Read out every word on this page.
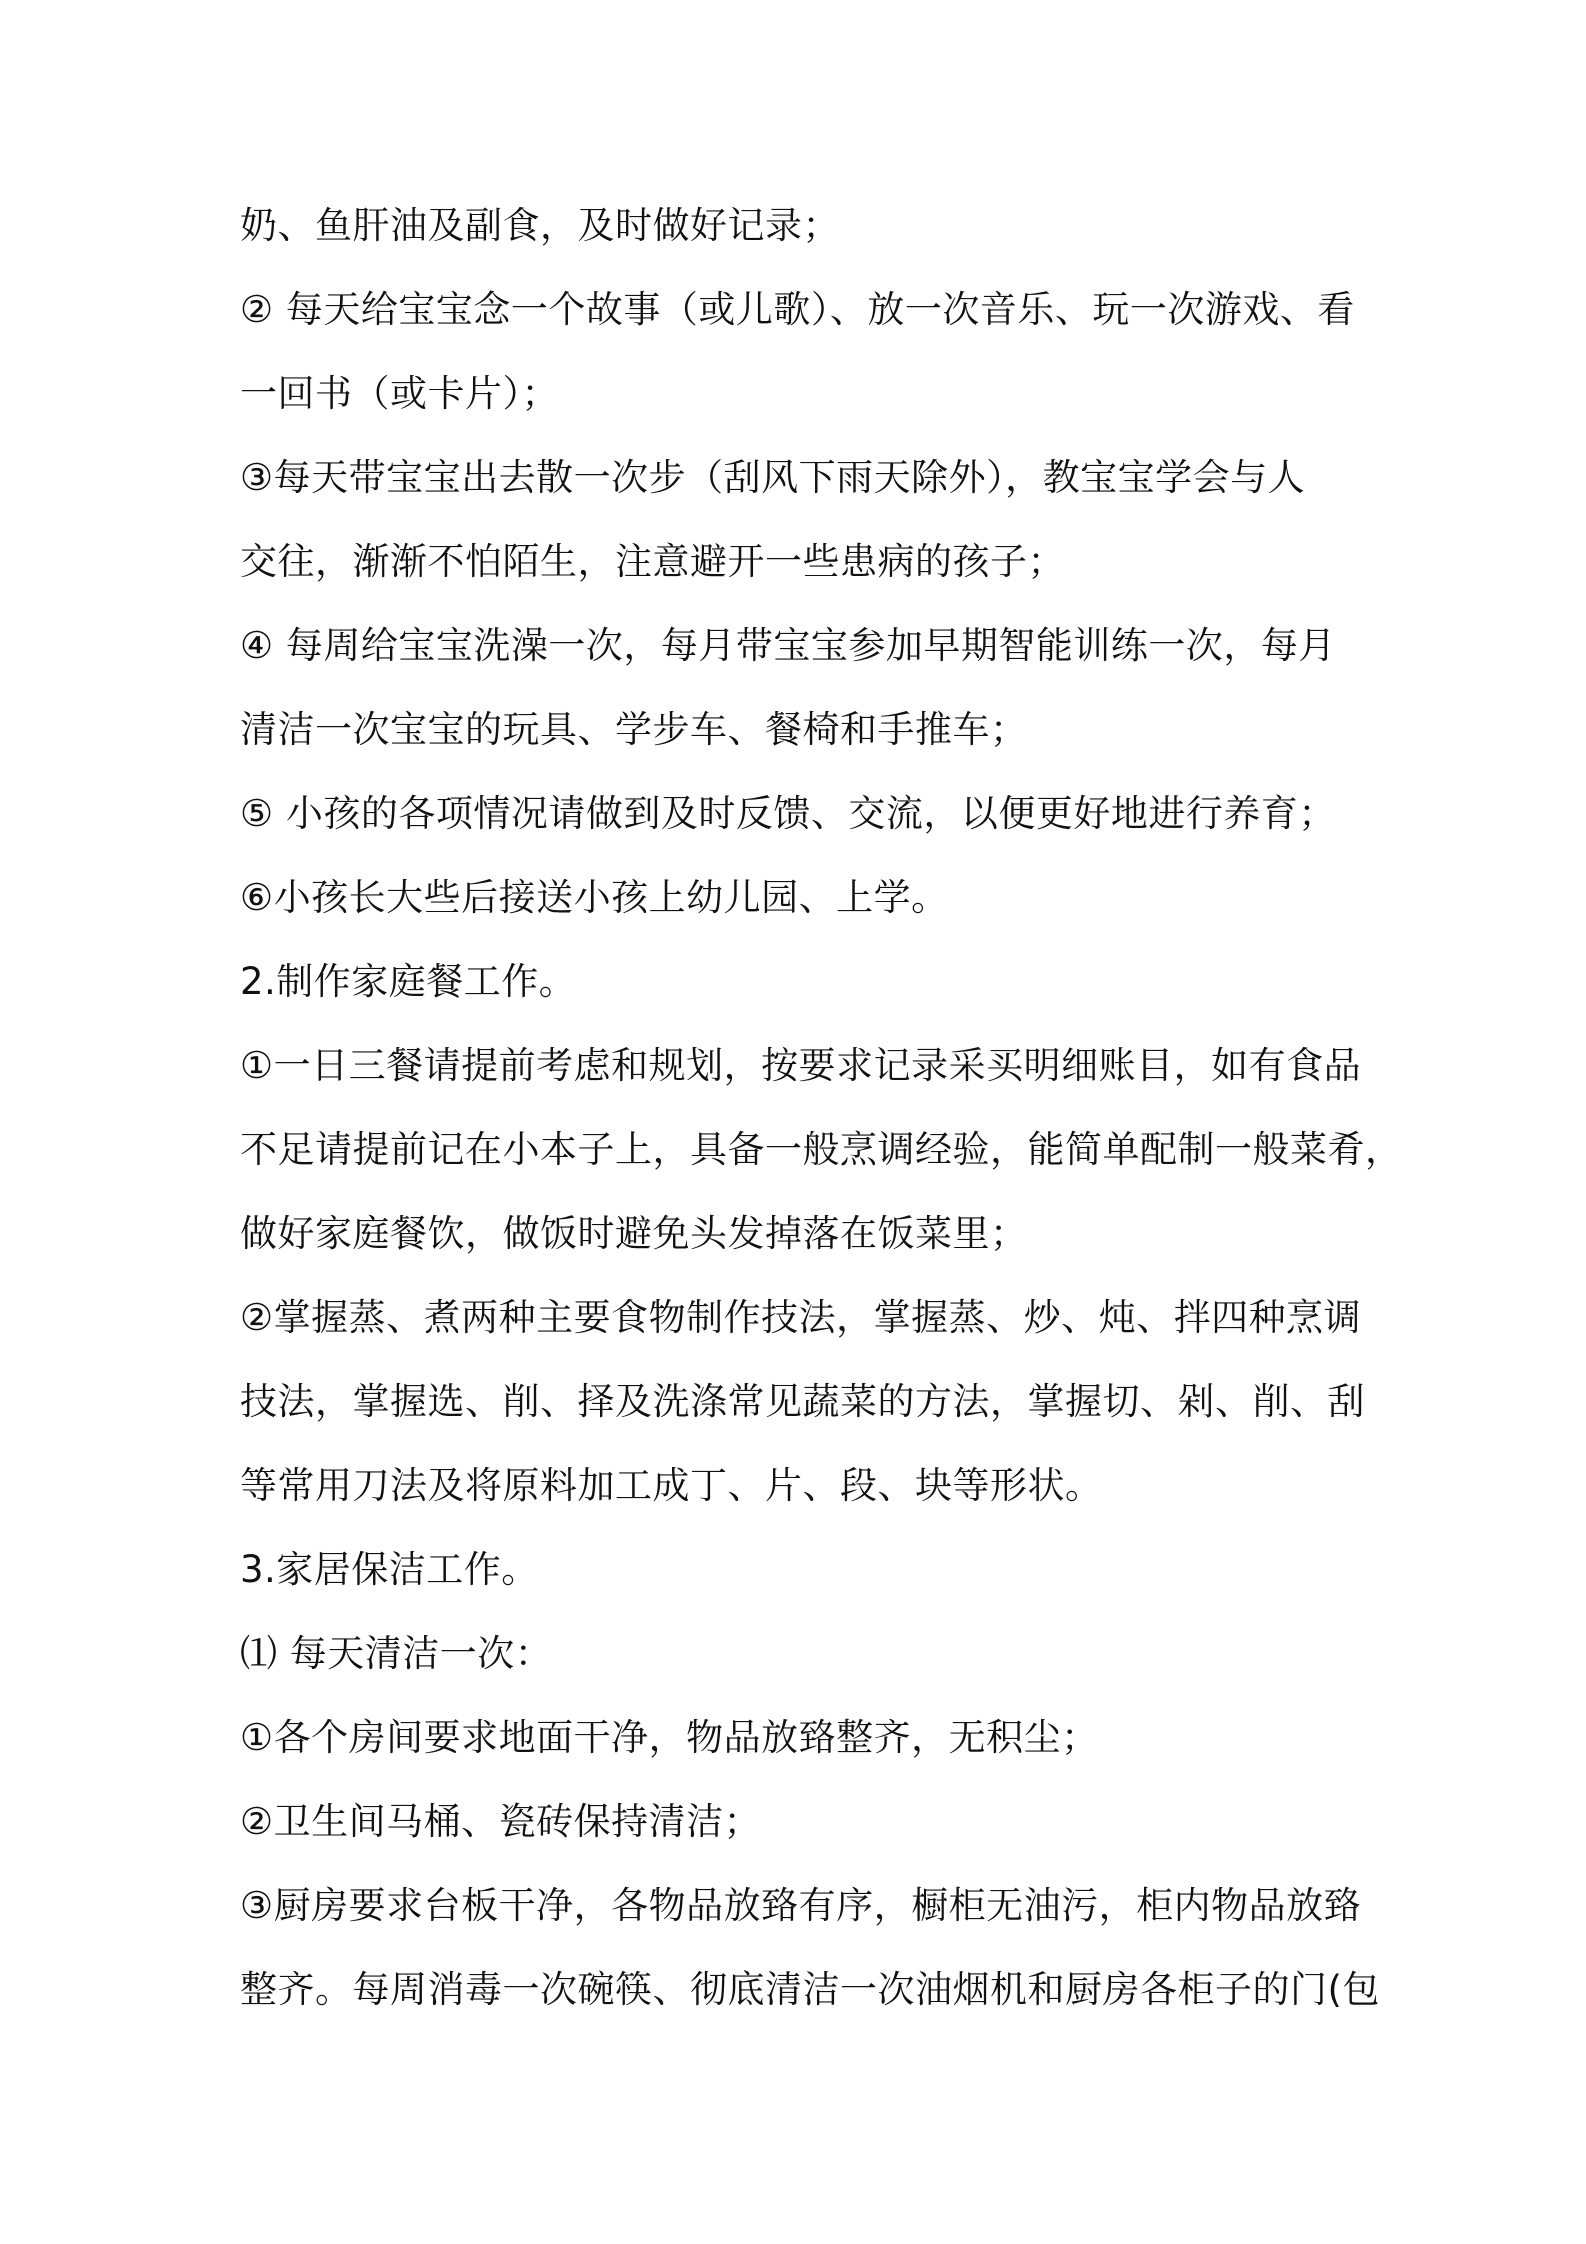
奶、鱼肝油及副食，及时做好记录；
② 每天给宝宝念一个故事（或儿歌）、放一次音乐、玩一次游戏、看
一回书（或卡片）；
③每天带宝宝出去散一次步（刮风下雨天除外），教宝宝学会与人
交往，渐渐不怕陌生，注意避开一些患病的孩子；
④ 每周给宝宝洗澡一次，每月带宝宝参加早期智能训练一次，每月
清洁一次宝宝的玩具、学步车、餐椅和手推车；
⑤ 小孩的各项情况请做到及时反馈、交流，以便更好地进行养育；
⑥小孩长大些后接送小孩上幼儿园、上学。
2.制作家庭餐工作。
①一日三餐请提前考虑和规划，按要求记录采买明细账目，如有食品
不足请提前记在小本子上，具备一般烹调经验，能简单配制一般菜肴，
做好家庭餐饮，做饭时避免头发掉落在饭菜里；
②掌握蒸、煮两种主要食物制作技法，掌握蒸、炒、炖、拌四种烹调
技法，掌握选、削、择及洗涤常见蔬菜的方法，掌握切、剁、削、刮
等常用刀法及将原料加工成丁、片、段、块等形状。
3.家居保洁工作。
⑴ 每天清洁一次：
①各个房间要求地面干净，物品放臵整齐，无积尘；
②卫生间马桶、瓷砖保持清洁；
③厨房要求台板干净，各物品放臵有序，橱柜无油污，柜内物品放臵
整齐。每周消毒一次碗筷、彻底清洁一次油烟机和厨房各柜子的门(包
